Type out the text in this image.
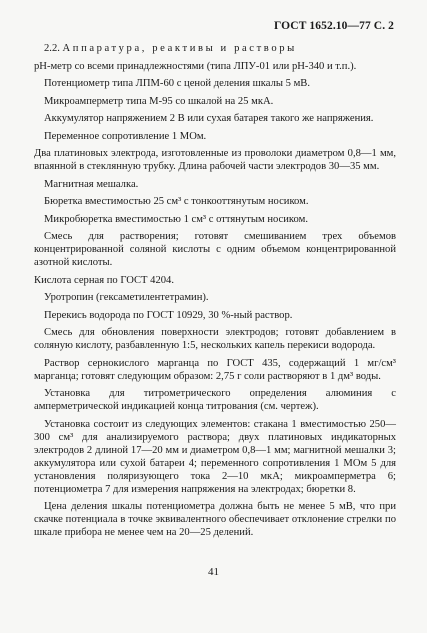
ГОСТ 1652.10—77 С. 2

2.2. Аппаратура, реактивы и растворы

pH-метр со всеми принадлежностями (типа ЛПУ-01 или pH-340 и т.п.).

Потенциометр типа ЛПМ-60 с ценой деления шкалы 5 мВ.

Микроамперметр типа М-95 со шкалой на 25 мкА.

Аккумулятор напряжением 2 В или сухая батарея такого же напряжения.

Переменное сопротивление 1 МОм.

Два платиновых электрода, изготовленные из проволоки диаметром 0,8—1 мм, впаянной в стеклянную трубку. Длина рабочей части электродов 30—35 мм.

Магнитная мешалка.

Бюретка вместимостью 25 см³ с тонкооттянутым носиком.

Микробюретка вместимостью 1 см³ с оттянутым носиком.

Смесь для растворения; готовят смешиванием трех объемов концентрированной соляной кислоты с одним объемом концентрированной азотной кислоты.

Кислота серная по ГОСТ 4204.

Уротропин (гексаметилентетрамин).

Перекись водорода по ГОСТ 10929, 30 %-ный раствор.

Смесь для обновления поверхности электродов; готовят добавлением в соляную кислоту, разбавленную 1:5, нескольких капель перекиси водорода.

Раствор сернокислого марганца по ГОСТ 435, содержащий 1 мг/см³ марганца; готовят следующим образом: 2,75 г соли растворяют в 1 дм³ воды.

Установка для титрометрического определения алюминия с амперметрической индикацией конца титрования (см. чертеж).

Установка состоит из следующих элементов: стакана 1 вместимостью 250—300 см³ для анализируемого раствора; двух платиновых индикаторных электродов 2 длиной 17—20 мм и диаметром 0,8—1 мм; магнитной мешалки 3; аккумулятора или сухой батареи 4; переменного сопротивления 1 МОм 5 для установления поляризующего тока 2—10 мкА; микроамперметра 6; потенциометра 7 для измерения напряжения на электродах; бюретки 8.

Цена деления шкалы потенциометра должна быть не менее 5 мВ, что при скачке потенциала в точке эквивалентного обеспечивает отклонение стрелки по шкале прибора не менее чем на 20—25 делений.

41
